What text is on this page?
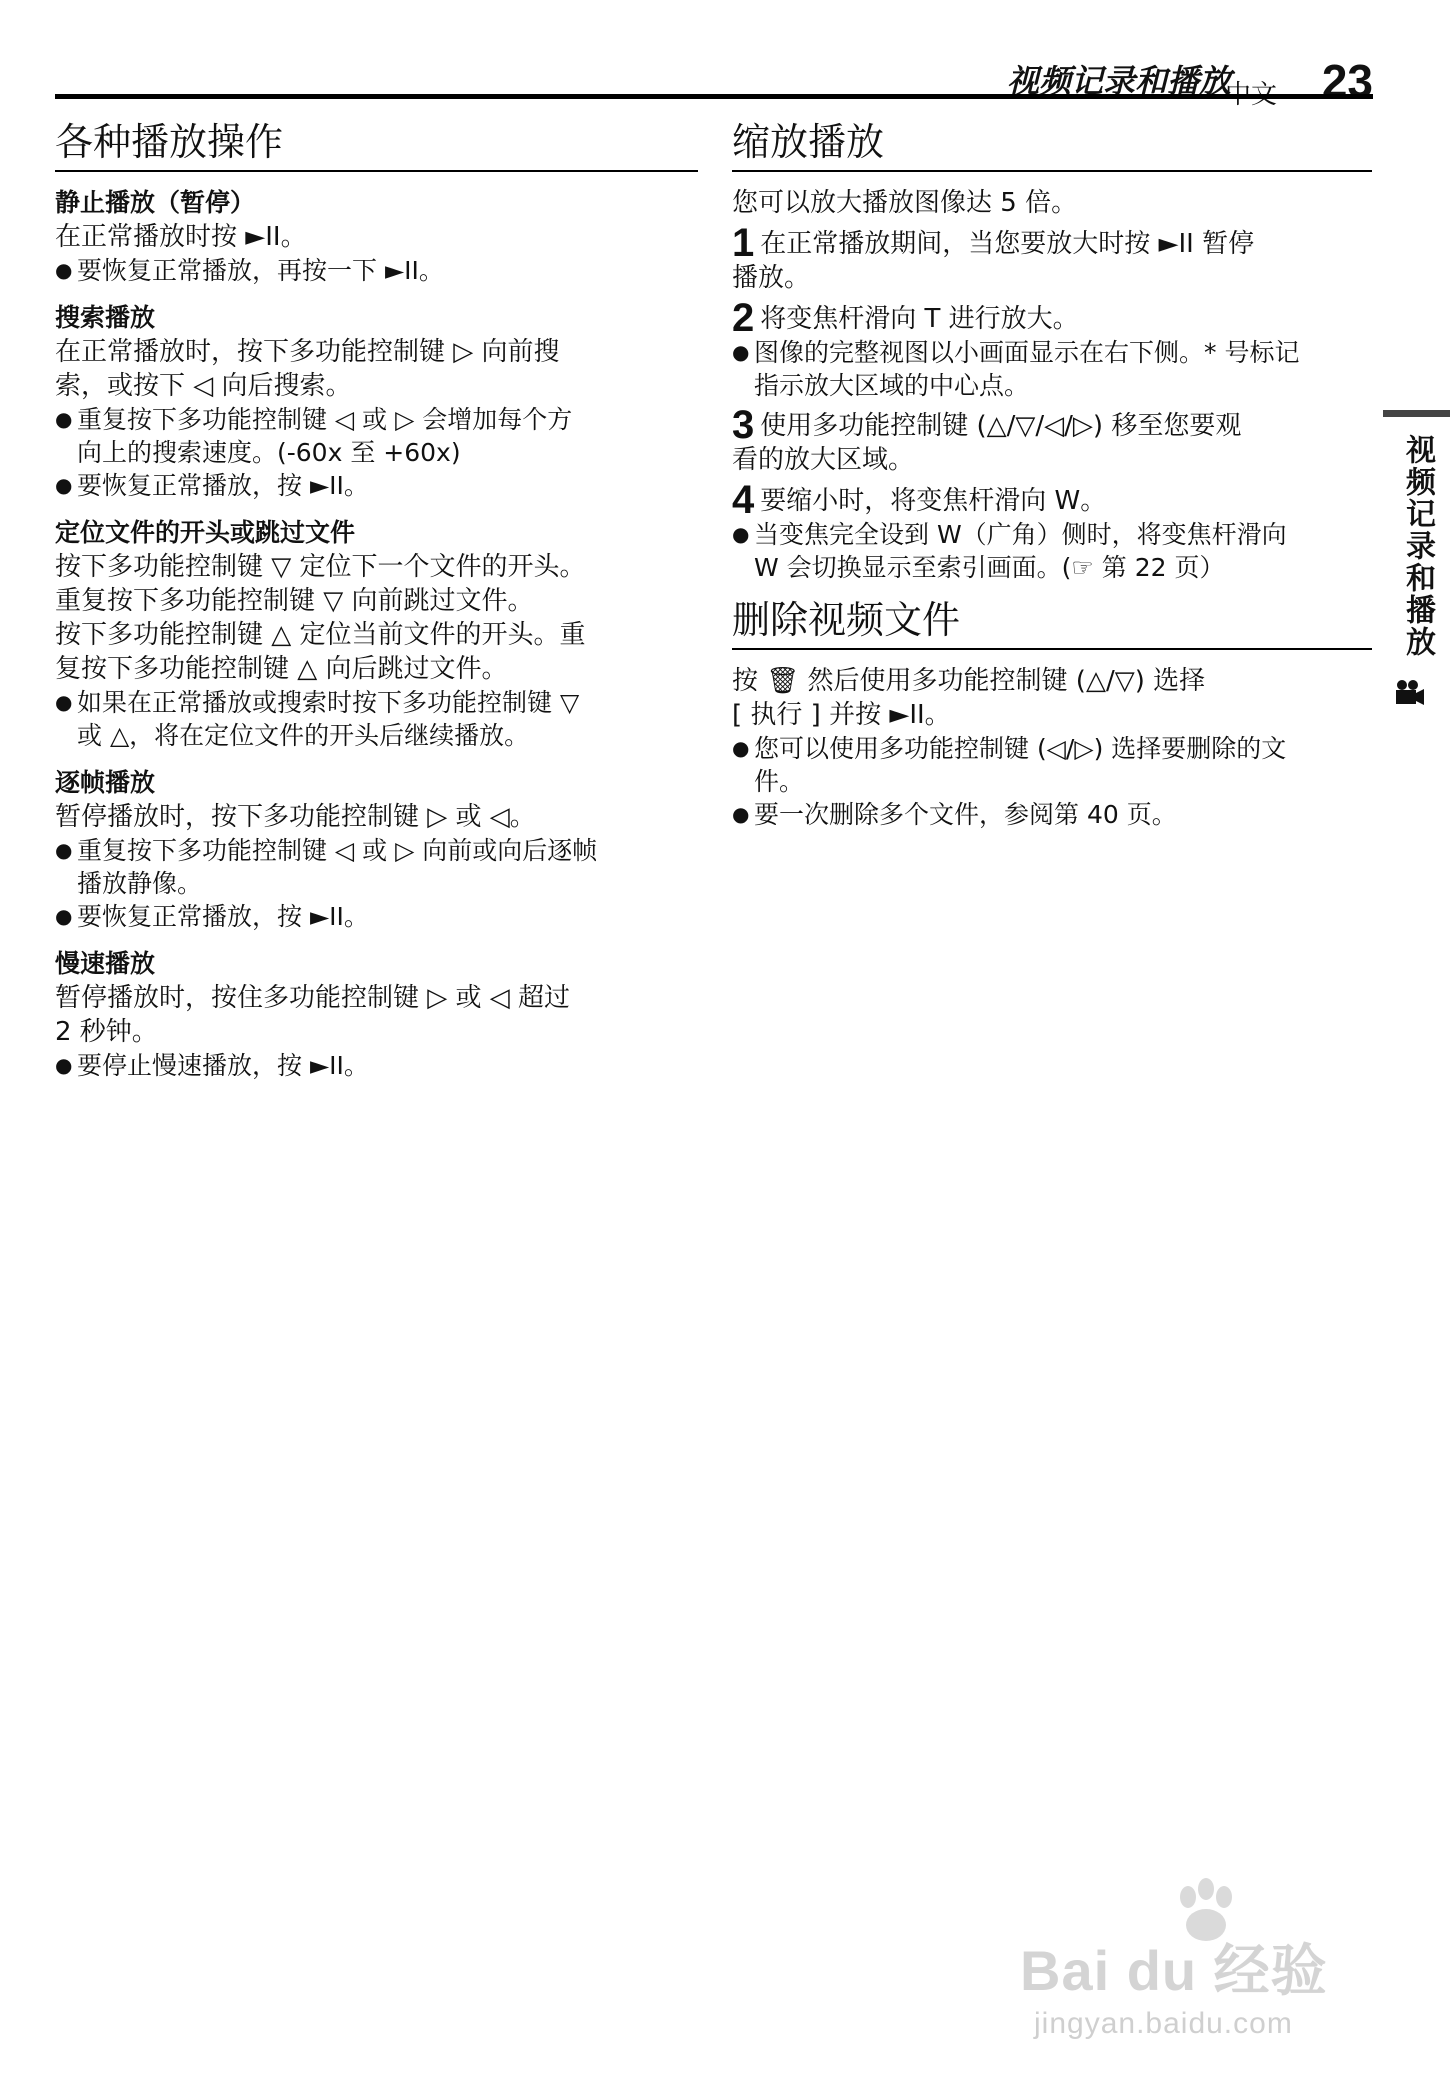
视频记录和播放
中文 23
各种播放操作

静止播放（暂停）

在正常播放时按 ►II。

● 要恢复正常播放，再按一下 ►II。

搜索播放

在正常播放时，按下多功能控制键 ▷ 向前搜

索，或按下 ◁ 向后搜索。

● 重复按下多功能控制键 ◁ 或 ▷ 会增加每个方

向上的搜索速度。(-60x 至 +60x)

● 要恢复正常播放，按 ►II。

定位文件的开头或跳过文件

按下多功能控制键 ▽ 定位下一个文件的开头。

重复按下多功能控制键 ▽ 向前跳过文件。

按下多功能控制键 △ 定位当前文件的开头。重

复按下多功能控制键 △ 向后跳过文件。

● 如果在正常播放或搜索时按下多功能控制键 ▽

或 △，将在定位文件的开头后继续播放。

逐帧播放

暂停播放时，按下多功能控制键 ▷ 或 ◁。

● 重复按下多功能控制键 ◁ 或 ▷ 向前或向后逐帧

播放静像。

● 要恢复正常播放，按 ►II。

慢速播放

暂停播放时，按住多功能控制键 ▷ 或 ◁ 超过

2 秒钟。

● 要停止慢速播放，按 ►II。

缩放播放

您可以放大播放图像达 5 倍。

1 在正常播放期间，当您要放大时按 ►II 暂停

播放。

2 将变焦杆滑向 T 进行放大。

● 图像的完整视图以小画面显示在右下侧。* 号标记

指示放大区域的中心点。

3 使用多功能控制键 (△/▽/◁/▷) 移至您要观

看的放大区域。

4 要缩小时，将变焦杆滑向 W。

● 当变焦完全设到 W（广角）侧时，将变焦杆滑向

W 会切换显示至索引画面。(☞ 第 22 页）

删除视频文件

按 🗑 然后使用多功能控制键 (△/▽) 选择

[ 执行 ] 并按 ►II。

● 您可以使用多功能控制键 (◁/▷) 选择要删除的文

件。

● 要一次删除多个文件，参阅第 40 页。

视频记录和播放
Bai du 经验
jingyan.baidu.com
